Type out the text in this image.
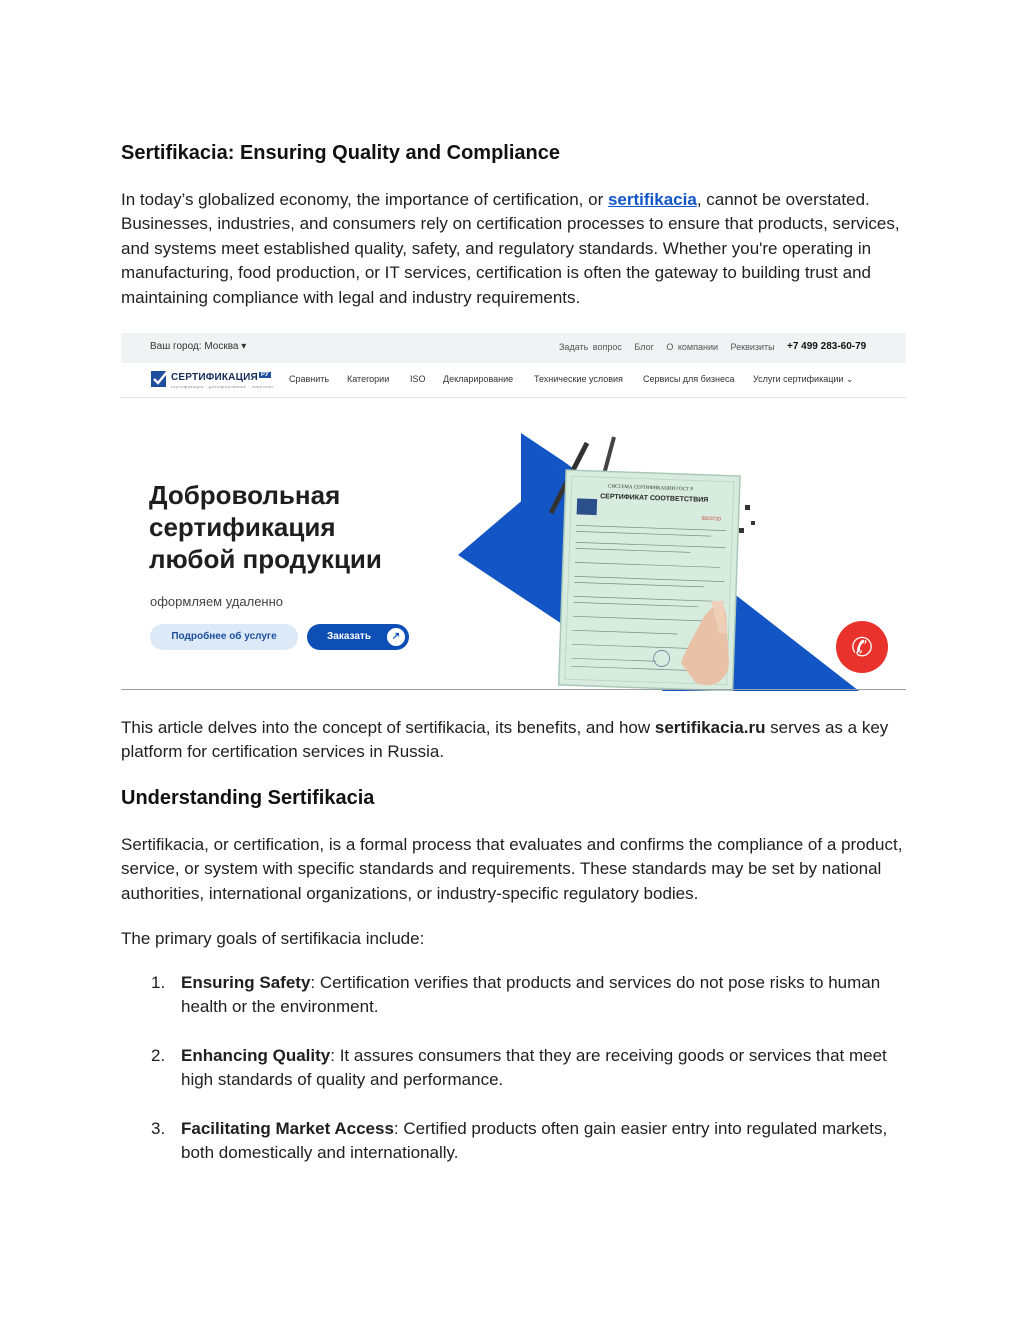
Sertifikacia: Ensuring Quality and Compliance

In today’s globalized economy, the importance of certification, or sertifikacia, cannot be overstated. Businesses, industries, and consumers rely on certification processes to ensure that products, services, and systems meet established quality, safety, and regulatory standards. Whether you're operating in manufacturing, food production, or IT services, certification is often the gateway to building trust and maintaining compliance with legal and industry requirements.

Ваш город: Москва ▾	Задать вопрос Блог О компании Реквизиты	+7 499 283-60-79
СЕРТИФИКАЦИЯ $^{РУ}$
сертификация · декларирование · лицензии
Сравнить Категории ISO Декларирование Технические условия Сервисы для бизнеса Услуги сертификации ⌄
СИСТЕМА СЕРТИФИКАЦИИ ГОСТ Р
СЕРТИФИКАТ СООТВЕТСТВИЯ
0023720
Добровольная
сертификация
любой продукции
оформляем удаленно
Подробнее об услуге	Заказать	↗	✆

This article delves into the concept of sertifikacia, its benefits, and how sertifikacia.ru serves as a key platform for certification services in Russia.

Understanding Sertifikacia

Sertifikacia, or certification, is a formal process that evaluates and confirms the compliance of a product, service, or system with specific standards and requirements. These standards may be set by national authorities, international organizations, or industry-specific regulatory bodies.

The primary goals of sertifikacia include:

1. Ensuring Safety: Certification verifies that products and services do not pose risks to human health or the environment.
2. Enhancing Quality: It assures consumers that they are receiving goods or services that meet high standards of quality and performance.
3. Facilitating Market Access: Certified products often gain easier entry into regulated markets, both domestically and internationally.
